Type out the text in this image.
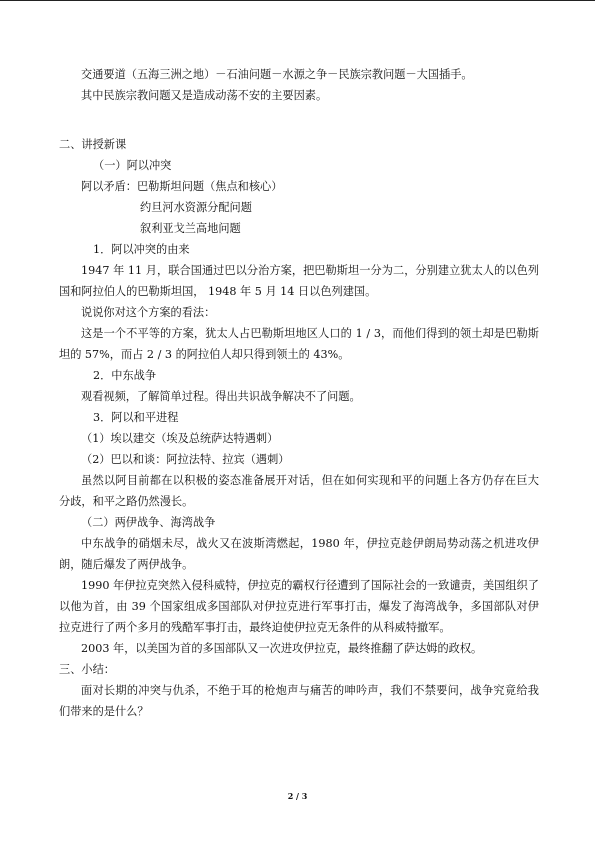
交通要道（五海三洲之地）－石油问题－水源之争－民族宗教问题－大国插手。

其中民族宗教问题又是造成动荡不安的主要因素。

二、讲授新课

（一）阿以冲突

阿以矛盾：巴勒斯坦问题（焦点和核心）

约旦河水资源分配问题

叙利亚戈兰高地问题

1．阿以冲突的由来

1947 年 11 月，联合国通过巴以分治方案，把巴勒斯坦一分为二，分别建立犹太人的以色列国和阿拉伯人的巴勒斯坦国， 1948 年 5 月 14 日以色列建国。

说说你对这个方案的看法：

这是一个不平等的方案，犹太人占巴勒斯坦地区人口的 1 / 3，而他们得到的领土却是巴勒斯坦的 57%，而占 2 / 3 的阿拉伯人却只得到领土的 43%。

2．中东战争

观看视频，了解简单过程。得出共识战争解决不了问题。

3．阿以和平进程

（1）埃以建交（埃及总统萨达特遇刺）

（2）巴以和谈：阿拉法特、拉宾（遇刺）

虽然以阿目前都在以积极的姿态准备展开对话，但在如何实现和平的问题上各方仍存在巨大分歧，和平之路仍然漫长。

（二）两伊战争、海湾战争

中东战争的硝烟未尽，战火又在波斯湾燃起，1980 年，伊拉克趁伊朗局势动荡之机进攻伊朗，随后爆发了两伊战争。

1990 年伊拉克突然入侵科威特，伊拉克的霸权行径遭到了国际社会的一致谴责，美国组织了以他为首，由 39 个国家组成多国部队对伊拉克进行军事打击，爆发了海湾战争，多国部队对伊拉克进行了两个多月的残酷军事打击，最终迫使伊拉克无条件的从科威特撤军。

2003 年，以美国为首的多国部队又一次进攻伊拉克，最终推翻了萨达姆的政权。

三、小结：

面对长期的冲突与仇杀，不绝于耳的枪炮声与痛苦的呻吟声，我们不禁要问，战争究竟给我们带来的是什么？

2 / 3
